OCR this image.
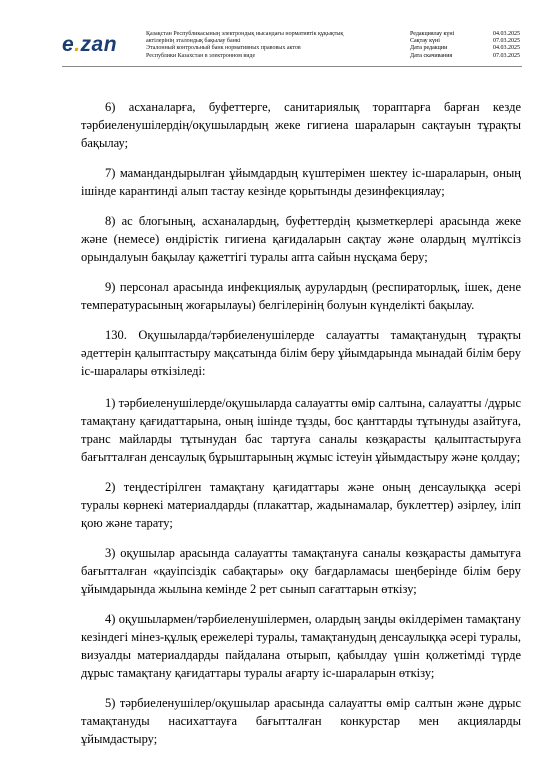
e.zan	Қазақстан Республикасының электрондық нысандағы нормативтік құқықтық
актілерінің эталондық бақылау банкі
Эталонный контрольный банк нормативных правовых актов
Республики Казахстан в электронном виде
Редакциялау күні	04.03.2025
Сақтау күні	07.03.2025
Дата редакции	04.03.2025
Дата скачивания	07.03.2025

6) асханаларға, буфеттерге, санитариялық тораптарға барған кезде тәрбиеленушілердің/оқушылардың жеке гигиена шараларын сақтауын тұрақты бақылау;

7) мамандандырылған ұйымдардың күштерімен шектеу іс-шараларын, оның ішінде карантинді алып тастау кезінде қорытынды дезинфекциялау;

8) ас блогының, асханалардың, буфеттердің қызметкерлері арасында жеке және (немесе) өндірістік гигиена қағидаларын сақтау және олардың мүлтіксіз орындалуын бақылау қажеттігі туралы апта сайын нұсқама беру;

9) персонал арасында инфекциялық аурулардың (респираторлық, ішек, дене температурасының жоғарылауы) белгілерінің болуын күнделікті бақылау.

130. Оқушыларда/тәрбиеленушілерде салауатты тамақтанудың тұрақты әдеттерін қалыптастыру мақсатында білім беру ұйымдарында мынадай білім беру іс-шаралары өткізіледі:

1) тәрбиеленушілерде/оқушыларда салауатты өмір салтына, салауатты /дұрыс тамақтану қағидаттарына, оның ішінде тұзды, бос қанттарды тұтынуды азайтуға, транс майларды тұтынудан бас тартуға саналы көзқарасты қалыптастыруға бағытталған денсаулық бұрыштарының жұмыс істеуін ұйымдастыру және қолдау;

2) теңдестірілген тамақтану қағидаттары және оның денсаулыққа әсері туралы көрнекі материалдарды (плакаттар, жадынамалар, буклеттер) әзірлеу, іліп қою және тарату;

3) оқушылар арасында салауатты тамақтануға саналы көзқарасты дамытуға бағытталған «қауіпсіздік сабақтары» оқу бағдарламасы шеңберінде білім беру ұйымдарында жылына кемінде 2 рет сынып сағаттарын өткізу;

4) оқушылармен/тәрбиеленушілермен, олардың заңды өкілдерімен тамақтану кезіндегі мінез-құлық ережелері туралы, тамақтанудың денсаулыққа әсері туралы, визуалды материалдарды пайдалана отырып, қабылдау үшін қолжетімді түрде дұрыс тамақтану қағидаттары туралы ағарту іс-шараларын өткізу;

5) тәрбиеленушілер/оқушылар арасында салауатты өмір салтын және дұрыс тамақтануды насихаттауға бағытталған конкурстар мен акцияларды ұйымдастыру;
